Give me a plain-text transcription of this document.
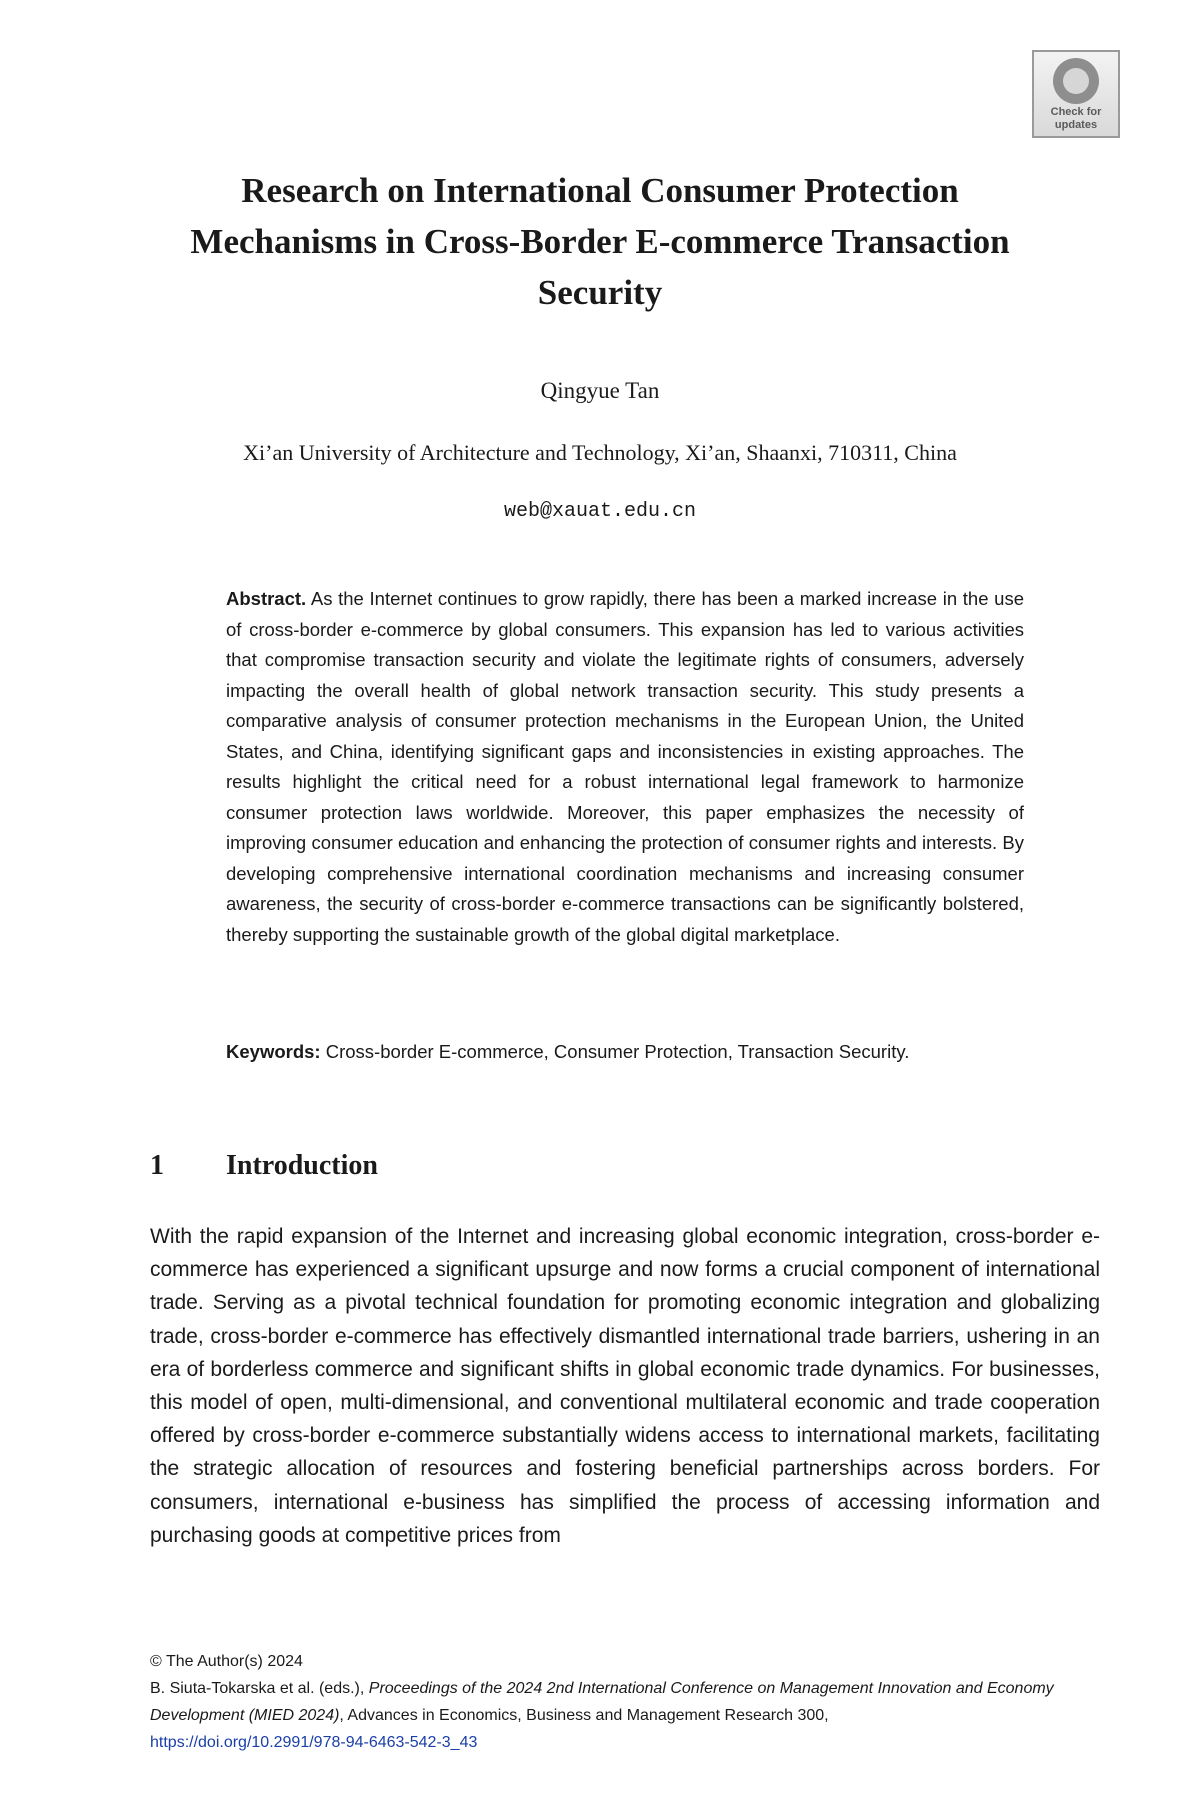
Check for updates
Research on International Consumer Protection Mechanisms in Cross-Border E-commerce Transaction Security
Qingyue Tan
Xi’an University of Architecture and Technology, Xi’an, Shaanxi, 710311, China
web@xauat.edu.cn

Abstract. As the Internet continues to grow rapidly, there has been a marked increase in the use of cross-border e-commerce by global consumers. This expansion has led to various activities that compromise transaction security and violate the legitimate rights of consumers, adversely impacting the overall health of global network transaction security. This study presents a comparative analysis of consumer protection mechanisms in the European Union, the United States, and China, identifying significant gaps and inconsistencies in existing approaches. The results highlight the critical need for a robust international legal framework to harmonize consumer protection laws worldwide. Moreover, this paper emphasizes the necessity of improving consumer education and enhancing the protection of consumer rights and interests. By developing comprehensive international coordination mechanisms and increasing consumer awareness, the security of cross-border e-commerce transactions can be significantly bolstered, thereby supporting the sustainable growth of the global digital marketplace.

Keywords: Cross-border E-commerce, Consumer Protection, Transaction Security.

1 Introduction

With the rapid expansion of the Internet and increasing global economic integration, cross-border e-commerce has experienced a significant upsurge and now forms a crucial component of international trade. Serving as a pivotal technical foundation for promoting economic integration and globalizing trade, cross-border e-commerce has effectively dismantled international trade barriers, ushering in an era of borderless commerce and significant shifts in global economic trade dynamics. For businesses, this model of open, multi-dimensional, and conventional multilateral economic and trade cooperation offered by cross-border e-commerce substantially widens access to international markets, facilitating the strategic allocation of resources and fostering beneficial partnerships across borders. For consumers, international e-business has simplified the process of accessing information and purchasing goods at competitive prices from

© The Author(s) 2024
B. Siuta-Tokarska et al. (eds.), Proceedings of the 2024 2nd International Conference on Management Innovation and Economy Development (MIED 2024), Advances in Economics, Business and Management Research 300,
https://doi.org/10.2991/978-94-6463-542-3_43
